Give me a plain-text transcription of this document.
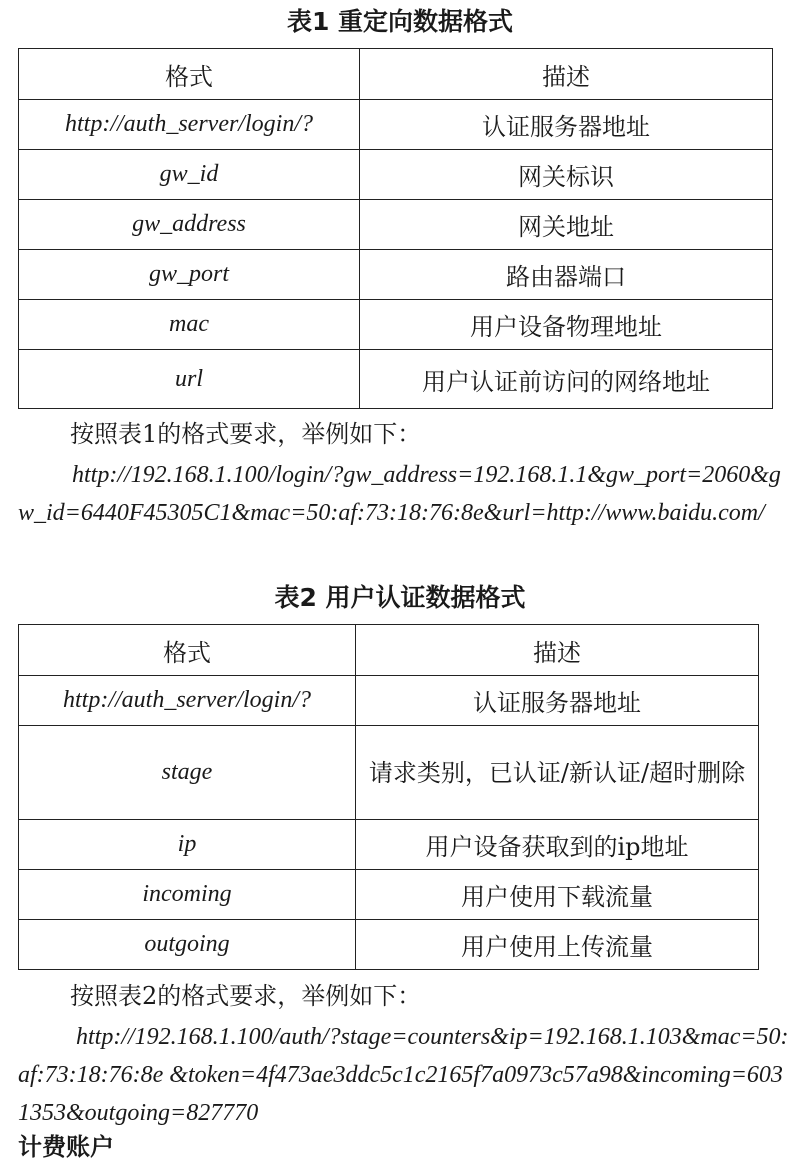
表1 重定向数据格式
格式	描述
http://auth_server/login/?	认证服务器地址
gw_id	网关标识
gw_address	网关地址
gw_port	路由器端口
mac	用户设备物理地址
url	用户认证前访问的网络地址
按照表1的格式要求，举例如下：
http://192.168.1.100/login/?gw_address=192.168.1.1&gw_port=2060&gw_id=6440F45305C1&mac=50:af:73:18:76:8e&url=http://www.baidu.com/
表2 用户认证数据格式
格式	描述
http://auth_server/login/?	认证服务器地址
stage	请求类别，已认证/新认证/超时删除
ip	用户设备获取到的ip地址
incoming	用户使用下载流量
outgoing	用户使用上传流量
按照表2的格式要求，举例如下：
http://192.168.1.100/auth/?stage=counters&ip=192.168.1.103&mac=50:af:73:18:76:8e &token=4f473ae3ddc5c1c2165f7a0973c57a98&incoming=6031353&outgoing=827770
计费账户
